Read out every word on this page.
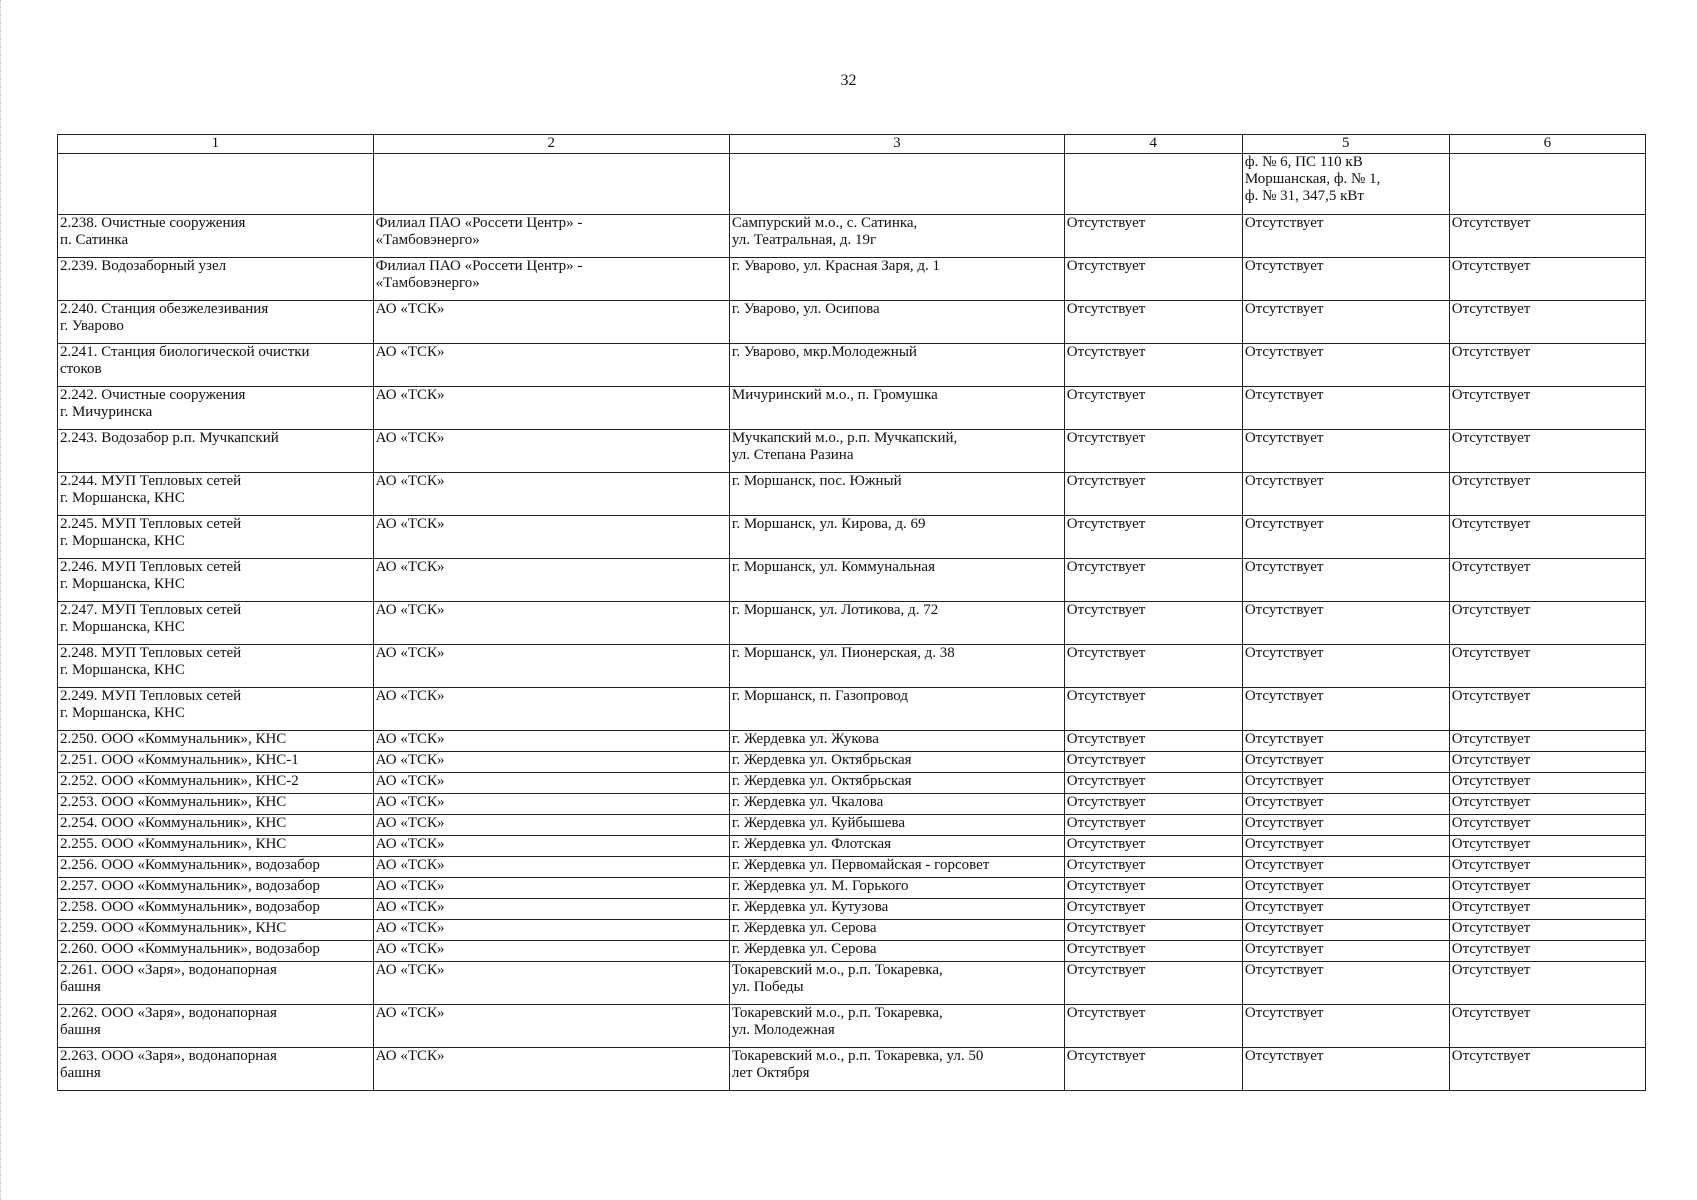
32
1	2	3	4	5	6
				ф. № 6, ПС 110 кВ
Моршанская, ф. № 1,
ф. № 31, 347,5 кВт	
2.238. Очистные сооружения
п. Сатинка	Филиал ПАО «Россети Центр» -
«Тамбовэнерго»	Сампурский м.о., с. Сатинка,
ул. Театральная, д. 19г	Отсутствует	Отсутствует	Отсутствует
2.239. Водозаборный узел	Филиал ПАО «Россети Центр» -
«Тамбовэнерго»	г. Уварово, ул. Красная Заря, д. 1	Отсутствует	Отсутствует	Отсутствует
2.240. Станция обезжелезивания
г. Уварово	АО «ТСК»	г. Уварово, ул. Осипова	Отсутствует	Отсутствует	Отсутствует
2.241. Станция биологической очистки
стоков	АО «ТСК»	г. Уварово, мкр.Молодежный	Отсутствует	Отсутствует	Отсутствует
2.242. Очистные сооружения
г. Мичуринска	АО «ТСК»	Мичуринский м.о., п. Громушка	Отсутствует	Отсутствует	Отсутствует
2.243. Водозабор р.п. Мучкапский	АО «ТСК»	Мучкапский м.о., р.п. Мучкапский,
ул. Степана Разина	Отсутствует	Отсутствует	Отсутствует
2.244. МУП Тепловых сетей
г. Моршанска, КНС	АО «ТСК»	г. Моршанск, пос. Южный	Отсутствует	Отсутствует	Отсутствует
2.245. МУП Тепловых сетей
г. Моршанска, КНС	АО «ТСК»	г. Моршанск, ул. Кирова, д. 69	Отсутствует	Отсутствует	Отсутствует
2.246. МУП Тепловых сетей
г. Моршанска, КНС	АО «ТСК»	г. Моршанск, ул. Коммунальная	Отсутствует	Отсутствует	Отсутствует
2.247. МУП Тепловых сетей
г. Моршанска, КНС	АО «ТСК»	г. Моршанск, ул. Лотикова, д. 72	Отсутствует	Отсутствует	Отсутствует
2.248. МУП Тепловых сетей
г. Моршанска, КНС	АО «ТСК»	г. Моршанск, ул. Пионерская, д. 38	Отсутствует	Отсутствует	Отсутствует
2.249. МУП Тепловых сетей
г. Моршанска, КНС	АО «ТСК»	г. Моршанск, п. Газопровод	Отсутствует	Отсутствует	Отсутствует
2.250. ООО «Коммунальник», КНС	АО «ТСК»	г. Жердевка ул. Жукова	Отсутствует	Отсутствует	Отсутствует
2.251. ООО «Коммунальник», КНС-1	АО «ТСК»	г. Жердевка ул. Октябрьская	Отсутствует	Отсутствует	Отсутствует
2.252. ООО «Коммунальник», КНС-2	АО «ТСК»	г. Жердевка ул. Октябрьская	Отсутствует	Отсутствует	Отсутствует
2.253. ООО «Коммунальник», КНС	АО «ТСК»	г. Жердевка ул. Чкалова	Отсутствует	Отсутствует	Отсутствует
2.254. ООО «Коммунальник», КНС	АО «ТСК»	г. Жердевка ул. Куйбышева	Отсутствует	Отсутствует	Отсутствует
2.255. ООО «Коммунальник», КНС	АО «ТСК»	г. Жердевка ул. Флотская	Отсутствует	Отсутствует	Отсутствует
2.256. ООО «Коммунальник», водозабор	АО «ТСК»	г. Жердевка ул. Первомайская - горсовет	Отсутствует	Отсутствует	Отсутствует
2.257. ООО «Коммунальник», водозабор	АО «ТСК»	г. Жердевка ул. М. Горького	Отсутствует	Отсутствует	Отсутствует
2.258. ООО «Коммунальник», водозабор	АО «ТСК»	г. Жердевка ул. Кутузова	Отсутствует	Отсутствует	Отсутствует
2.259. ООО «Коммунальник», КНС	АО «ТСК»	г. Жердевка ул. Серова	Отсутствует	Отсутствует	Отсутствует
2.260. ООО «Коммунальник», водозабор	АО «ТСК»	г. Жердевка ул. Серова	Отсутствует	Отсутствует	Отсутствует
2.261. ООО «Заря», водонапорная
башня	АО «ТСК»	Токаревский м.о., р.п. Токаревка,
ул. Победы	Отсутствует	Отсутствует	Отсутствует
2.262. ООО «Заря», водонапорная
башня	АО «ТСК»	Токаревский м.о., р.п. Токаревка,
ул. Молодежная	Отсутствует	Отсутствует	Отсутствует
2.263. ООО «Заря», водонапорная
башня	АО «ТСК»	Токаревский м.о., р.п. Токаревка, ул. 50
лет Октября	Отсутствует	Отсутствует	Отсутствует
